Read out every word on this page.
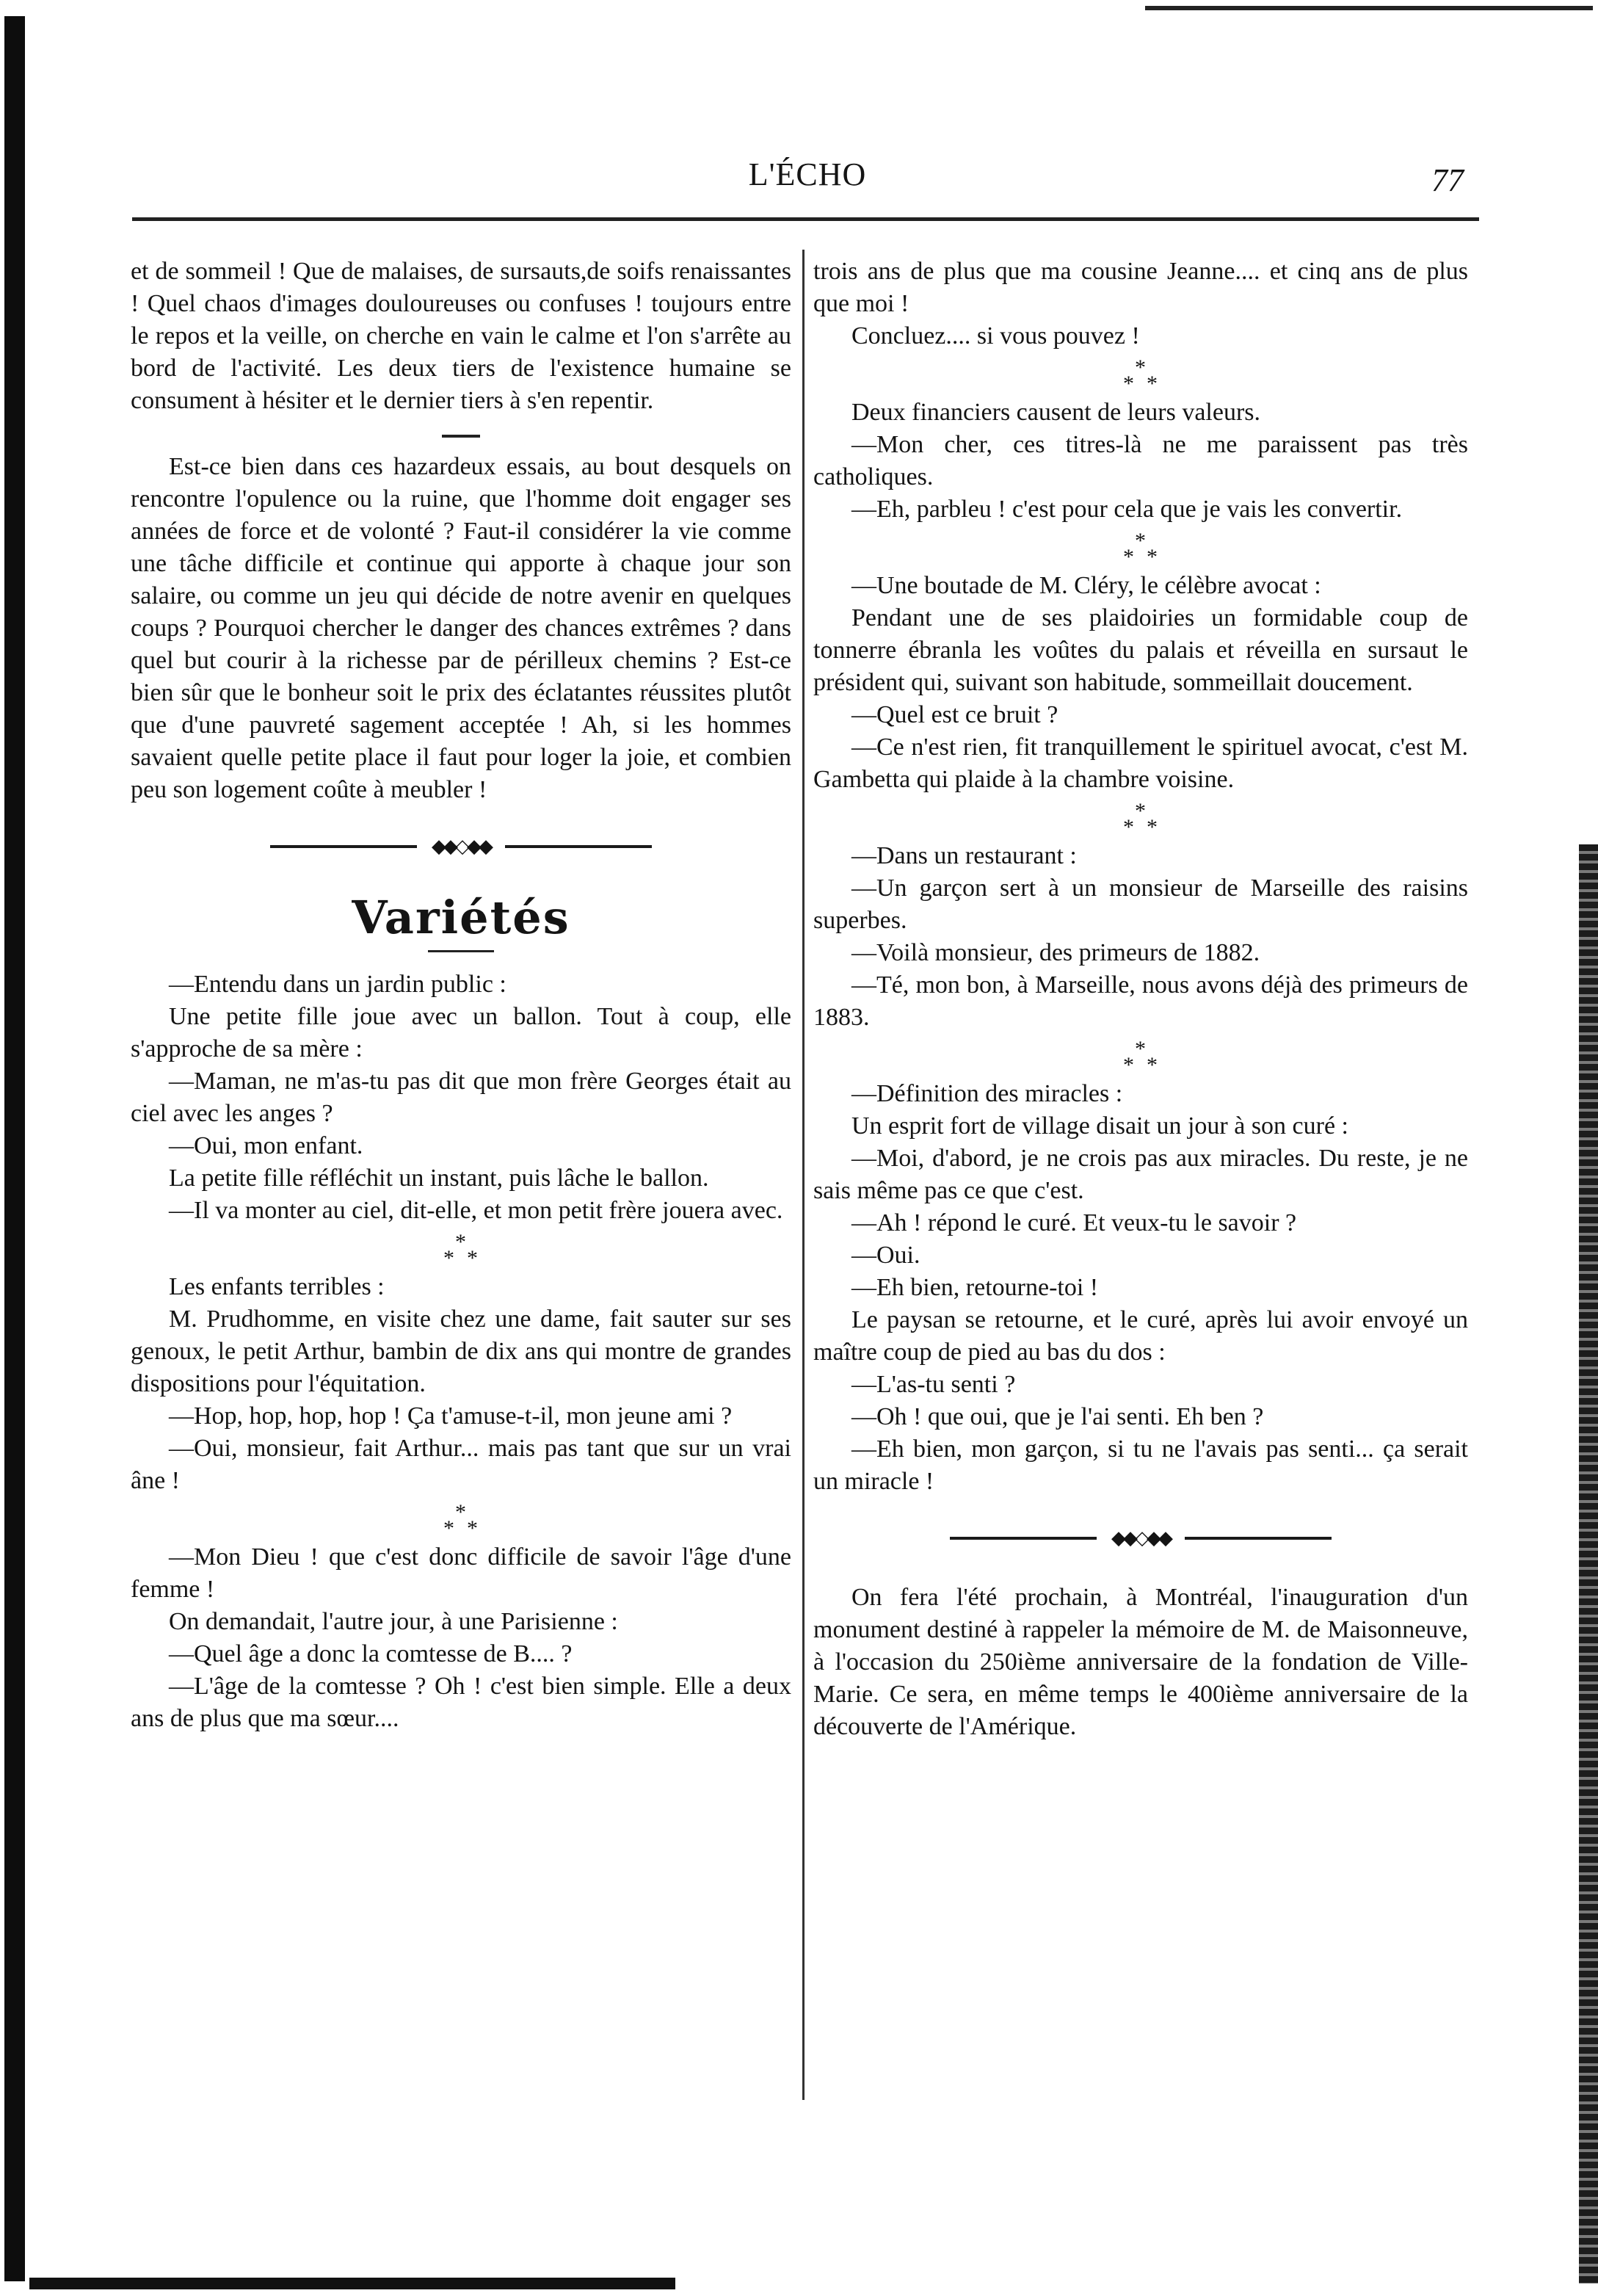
L'ÉCHO	77

et de sommeil ! Que de malaises, de sursauts,de soifs renaissantes ! Quel chaos d'images douloureuses ou confuses ! toujours entre le repos et la veille, on cherche en vain le calme et l'on s'arrête au bord de l'activité. Les deux tiers de l'existence humaine se consument à hésiter et le dernier tiers à s'en repentir.

Est-ce bien dans ces hazardeux essais, au bout desquels on rencontre l'opulence ou la ruine, que l'homme doit engager ses années de force et de volonté ? Faut-il considérer la vie comme une tâche difficile et continue qui apporte à chaque jour son salaire, ou comme un jeu qui décide de notre avenir en quelques coups ? Pourquoi chercher le danger des chances extrêmes ? dans quel but courir à la richesse par de périlleux chemins ? Est-ce bien sûr que le bonheur soit le prix des éclatantes réussites plutôt que d'une pauvreté sagement acceptée ! Ah, si les hommes savaient quelle petite place il faut pour loger la joie, et combien peu son logement coûte à meubler !

◆◆◇◆◆
Variétés

—Entendu dans un jardin public :

Une petite fille joue avec un ballon. Tout à coup, elle s'approche de sa mère :

—Maman, ne m'as-tu pas dit que mon frère Georges était au ciel avec les anges ?

—Oui, mon enfant.

La petite fille réfléchit un instant, puis lâche le ballon.

—Il va monter au ciel, dit-elle, et mon petit frère jouera avec.

*
* *

Les enfants terribles :

M. Prudhomme, en visite chez une dame, fait sauter sur ses genoux, le petit Arthur, bambin de dix ans qui montre de grandes dispositions pour l'équitation.

—Hop, hop, hop, hop ! Ça t'amuse-t-il, mon jeune ami ?

—Oui, monsieur, fait Arthur... mais pas tant que sur un vrai âne !

*
* *

—Mon Dieu ! que c'est donc difficile de savoir l'âge d'une femme !

On demandait, l'autre jour, à une Parisienne :

—Quel âge a donc la comtesse de B.... ?

—L'âge de la comtesse ? Oh ! c'est bien simple. Elle a deux ans de plus que ma sœur....

trois ans de plus que ma cousine Jeanne.... et cinq ans de plus que moi !

Concluez.... si vous pouvez !

*
* *

Deux financiers causent de leurs valeurs.

—Mon cher, ces titres-là ne me paraissent pas très catholiques.

—Eh, parbleu ! c'est pour cela que je vais les convertir.

*
* *

—Une boutade de M. Cléry, le célèbre avocat :

Pendant une de ses plaidoiries un formidable coup de tonnerre ébranla les voûtes du palais et réveilla en sursaut le président qui, suivant son habitude, sommeillait doucement.

—Quel est ce bruit ?

—Ce n'est rien, fit tranquillement le spirituel avocat, c'est M. Gambetta qui plaide à la chambre voisine.

*
* *

—Dans un restaurant :

—Un garçon sert à un monsieur de Marseille des raisins superbes.

—Voilà monsieur, des primeurs de 1882.

—Té, mon bon, à Marseille, nous avons déjà des primeurs de 1883.

*
* *

—Définition des miracles :

Un esprit fort de village disait un jour à son curé :

—Moi, d'abord, je ne crois pas aux miracles. Du reste, je ne sais même pas ce que c'est.

—Ah ! répond le curé. Et veux-tu le savoir ?

—Oui.

—Eh bien, retourne-toi !

Le paysan se retourne, et le curé, après lui avoir envoyé un maître coup de pied au bas du dos :

—L'as-tu senti ?

—Oh ! que oui, que je l'ai senti. Eh ben ?

—Eh bien, mon garçon, si tu ne l'avais pas senti... ça serait un miracle !

◆◆◇◆◆

On fera l'été prochain, à Montréal, l'inauguration d'un monument destiné à rappeler la mémoire de M. de Maisonneuve, à l'occasion du 250ième anniversaire de la fondation de Ville-Marie. Ce sera, en même temps le 400ième anniversaire de la découverte de l'Amérique.
